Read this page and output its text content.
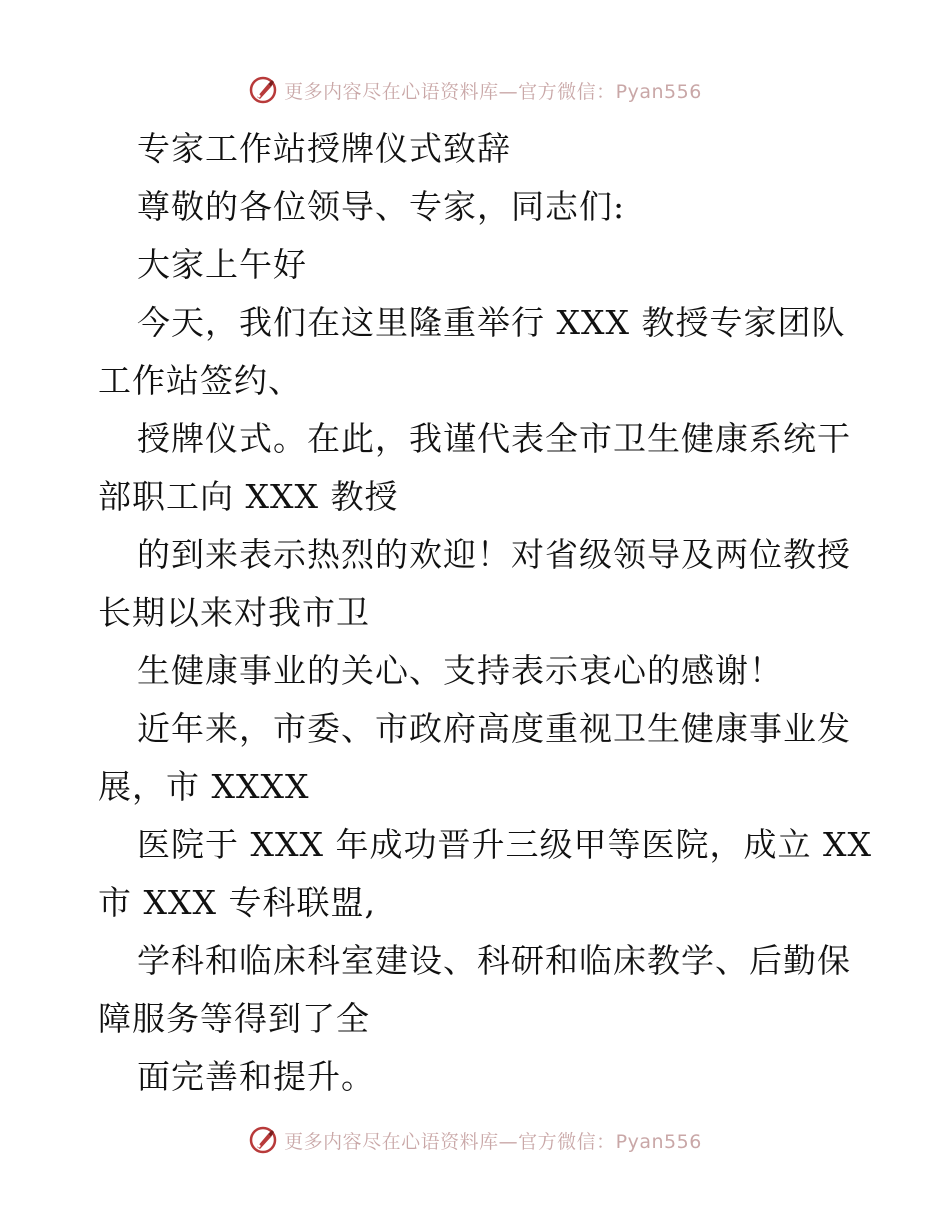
更多内容尽在心语资料库—官方微信：Pyan556
专家工作站授牌仪式致辞
尊敬的各位领导、专家，同志们:
大家上午好
今天，我们在这里隆重举行 XXX 教授专家团队
工作站签约、
授牌仪式。在此，我谨代表全市卫生健康系统干
部职工向 XXX 教授
的到来表示热烈的欢迎！对省级领导及两位教授
长期以来对我市卫
生健康事业的关心、支持表示衷心的感谢！
近年来，市委、市政府高度重视卫生健康事业发
展，市 XXXX
医院于 XXX 年成功晋升三级甲等医院，成立 XX
市 XXX 专科联盟,
学科和临床科室建设、科研和临床教学、后勤保
障服务等得到了全
面完善和提升。
更多内容尽在心语资料库—官方微信：Pyan556
